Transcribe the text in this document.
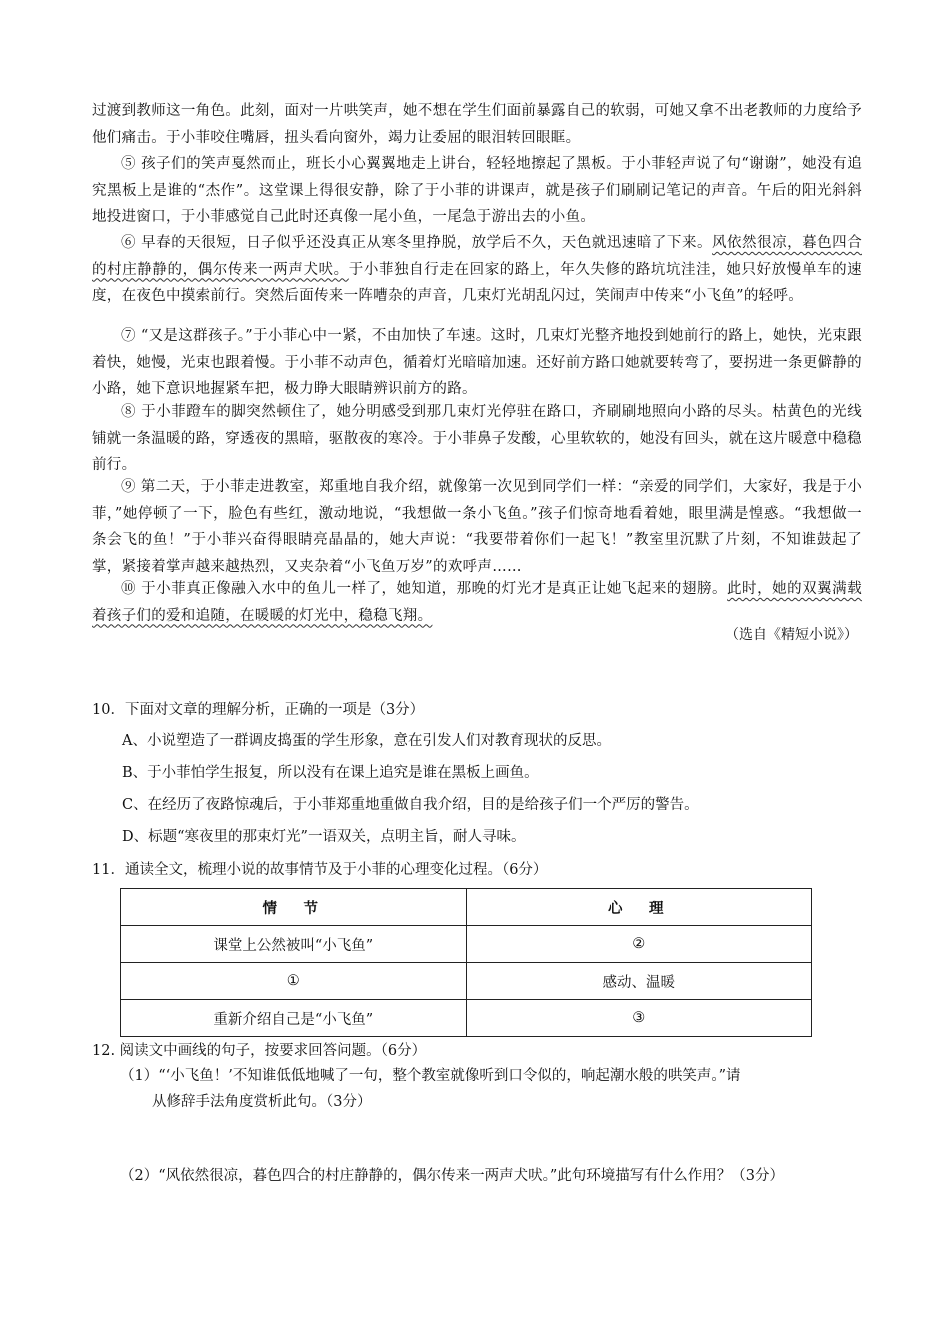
过渡到教师这一角色。此刻，面对一片哄笑声，她不想在学生们面前暴露自己的软弱，可她又拿不出老教师的力度给予他们痛击。于小菲咬住嘴唇，扭头看向窗外，竭力让委屈的眼泪转回眼眶。

⑤ 孩子们的笑声戛然而止，班长小心翼翼地走上讲台，轻轻地擦起了黑板。于小菲轻声说了句“谢谢”，她没有追究黑板上是谁的“杰作”。这堂课上得很安静，除了于小菲的讲课声，就是孩子们刷刷记笔记的声音。午后的阳光斜斜地投进窗口，于小菲感觉自己此时还真像一尾小鱼，一尾急于游出去的小鱼。

⑥ 早春的天很短，日子似乎还没真正从寒冬里挣脱，放学后不久，天色就迅速暗了下来。风依然很凉，暮色四合的村庄静静的，偶尔传来一两声犬吠。于小菲独自行走在回家的路上，年久失修的路坑坑洼洼，她只好放慢单车的速度，在夜色中摸索前行。突然后面传来一阵嘈杂的声音，几束灯光胡乱闪过，笑闹声中传来“小飞鱼”的轻呼。

⑦ “又是这群孩子。”于小菲心中一紧，不由加快了车速。这时，几束灯光整齐地投到她前行的路上，她快，光束跟着快，她慢，光束也跟着慢。于小菲不动声色，循着灯光暗暗加速。还好前方路口她就要转弯了，要拐进一条更僻静的小路，她下意识地握紧车把，极力睁大眼睛辨识前方的路。

⑧ 于小菲蹬车的脚突然顿住了，她分明感受到那几束灯光停驻在路口，齐刷刷地照向小路的尽头。枯黄色的光线铺就一条温暖的路，穿透夜的黑暗，驱散夜的寒冷。于小菲鼻子发酸，心里软软的，她没有回头，就在这片暖意中稳稳前行。

⑨ 第二天，于小菲走进教室，郑重地自我介绍，就像第一次见到同学们一样：“亲爱的同学们，大家好，我是于小菲，”她停顿了一下，脸色有些红，激动地说，“我想做一条小飞鱼。”孩子们惊奇地看着她，眼里满是惶惑。“我想做一条会飞的鱼！”于小菲兴奋得眼睛亮晶晶的，她大声说：“我要带着你们一起飞！”教室里沉默了片刻，不知谁鼓起了掌，紧接着掌声越来越热烈，又夹杂着“小飞鱼万岁”的欢呼声……

⑩ 于小菲真正像融入水中的鱼儿一样了，她知道，那晚的灯光才是真正让她飞起来的翅膀。此时，她的双翼满载着孩子们的爱和追随，在暖暖的灯光中，稳稳飞翔。

（选自《精短小说》）

10．下面对文章的理解分析，正确的一项是（3分）

A、小说塑造了一群调皮捣蛋的学生形象，意在引发人们对教育现状的反思。

B、于小菲怕学生报复，所以没有在课上追究是谁在黑板上画鱼。

C、在经历了夜路惊魂后，于小菲郑重地重做自我介绍，目的是给孩子们一个严厉的警告。

D、标题“寒夜里的那束灯光”一语双关，点明主旨，耐人寻味。

11．通读全文，梳理小说的故事情节及于小菲的心理变化过程。（6分）

情　节	心　理
课堂上公然被叫“小飞鱼”	②
①	感动、温暖
重新介绍自己是“小飞鱼”	③

12. 阅读文中画线的句子，按要求回答问题。（6分）

（1）“‘小飞鱼！’不知谁低低地喊了一句，整个教室就像听到口令似的，响起潮水般的哄笑声。”请
从修辞手法角度赏析此句。（3分）

（2）“风依然很凉，暮色四合的村庄静静的，偶尔传来一两声犬吠。”此句环境描写有什么作用？（3分）
